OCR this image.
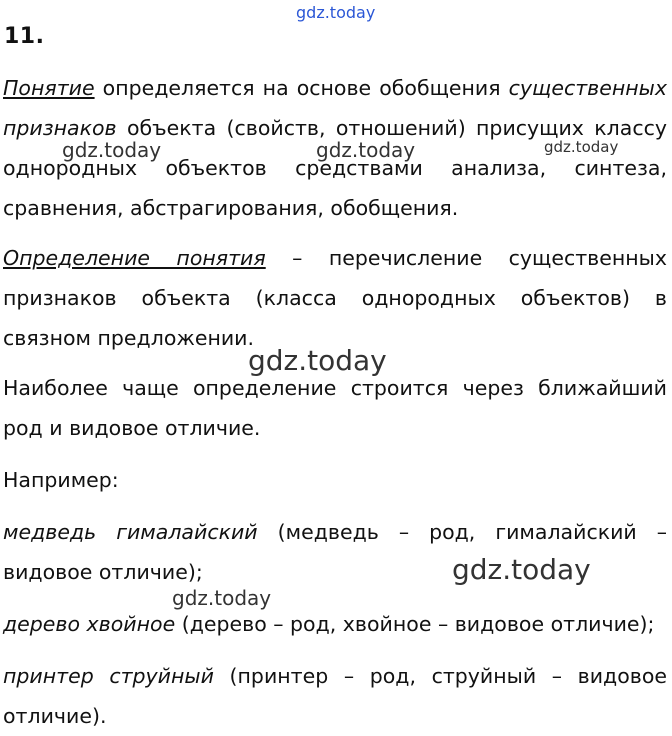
gdz.today
11.

Понятие определяется на основе обобщения существенных признаков объекта (свойств, отношений) присущих классу однородных объектов средствами анализа, синтеза, сравнения, абстрагирования, обобщения.

Определение понятия – перечисление существенных признаков объекта (класса однородных объектов) в связном предложении.

Наиболее чаще определение строится через ближайший род и видовое отличие.

Например:

медведь гималайский (медведь – род, гималайский – видовое отличие);

дерево хвойное (дерево – род, хвойное – видовое отличие);

принтер струйный (принтер – род, струйный – видовое отличие).

gdz.today	gdz.today	gdz.today
gdz.today
gdz.today
gdz.today
